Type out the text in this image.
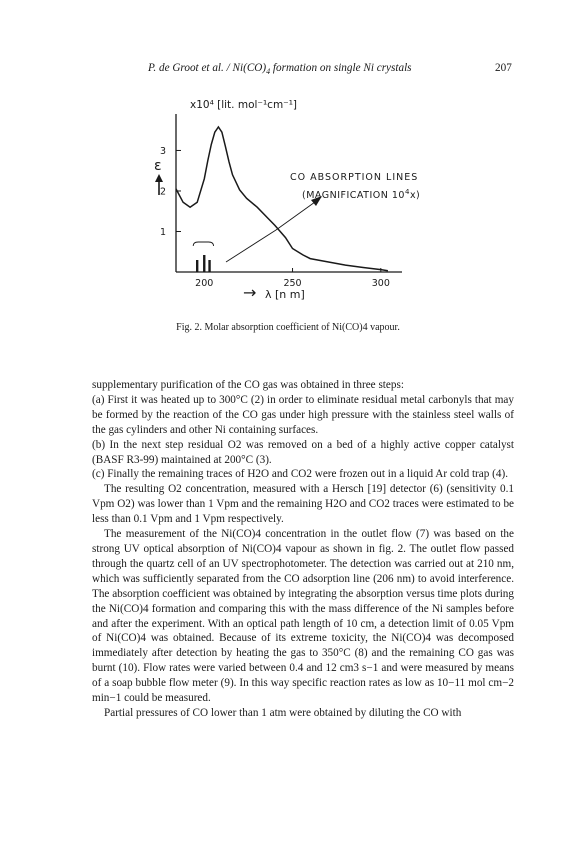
P. de Groot et al. / $Ni(CO)_4$ formation on single Ni crystals	207
x10⁴ [lit. mol⁻¹cm⁻¹]
ε
1
2
3
200	250	300
CO ABSORPTION LINES
(MAGNIFICATION $10^4x$)
→ λ [n m]
Fig. 2. Molar absorption coefficient of Ni(CO)4 vapour.

supplementary purification of the CO gas was obtained in three steps:

(a) First it was heated up to 300°C (2) in order to eliminate residual metal carbonyls that may be formed by the reaction of the CO gas under high pressure with the stainless steel walls of the gas cylinders and other Ni containing surfaces.

(b) In the next step residual O2 was removed on a bed of a highly active copper catalyst (BASF R3-99) maintained at 200°C (3).

(c) Finally the remaining traces of H2O and CO2 were frozen out in a liquid Ar cold trap (4).

The resulting O2 concentration, measured with a Hersch [19] detector (6) (sensitivity 0.1 Vpm O2) was lower than 1 Vpm and the remaining H2O and CO2 traces were estimated to be less than 0.1 Vpm and 1 Vpm respectively.

The measurement of the Ni(CO)4 concentration in the outlet flow (7) was based on the strong UV optical absorption of Ni(CO)4 vapour as shown in fig. 2. The outlet flow passed through the quartz cell of an UV spectrophotometer. The detection was carried out at 210 nm, which was sufficiently separated from the CO adsorption line (206 nm) to avoid interference. The absorption coefficient was obtained by integrating the absorption versus time plots during the Ni(CO)4 formation and comparing this with the mass difference of the Ni samples before and after the experiment. With an optical path length of 10 cm, a detection limit of 0.05 Vpm of Ni(CO)4 was obtained. Because of its extreme toxicity, the Ni(CO)4 was decomposed immediately after detection by heating the gas to 350°C (8) and the remaining CO gas was burnt (10). Flow rates were varied between 0.4 and 12 cm3 s−1 and were measured by means of a soap bubble flow meter (9). In this way specific reaction rates as low as 10−11 mol cm−2 min−1 could be measured.

Partial pressures of CO lower than 1 atm were obtained by diluting the CO with
